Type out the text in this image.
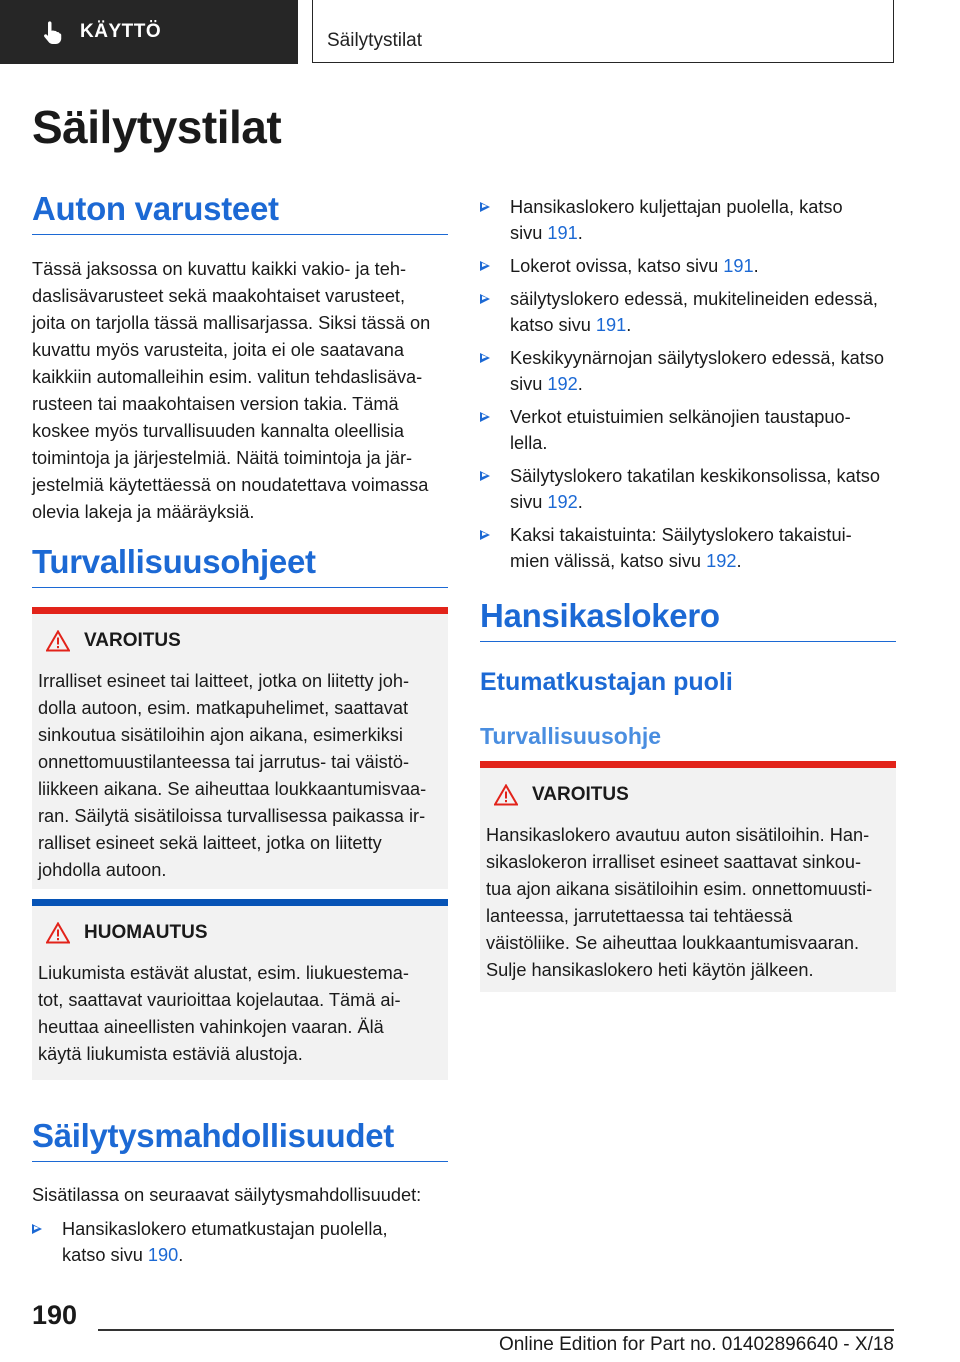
KÄYTTÖ	Säilytystilat
Säilytystilat
Auton varusteet
Tässä jaksossa on kuvattu kaikki vakio- ja teh-
daslisävarusteet sekä maakohtaiset varusteet,
joita on tarjolla tässä mallisarjassa. Siksi tässä on
kuvattu myös varusteita, joita ei ole saatavana
kaikkiin automalleihin esim. valitun tehdaslisäva-
rusteen tai maakohtaisen version takia. Tämä
koskee myös turvallisuuden kannalta oleellisia
toimintoja ja järjestelmiä. Näitä toimintoja ja jär-
jestelmiä käytettäessä on noudatettava voimassa
olevia lakeja ja määräyksiä.
Turvallisuusohjeet
VAROITUS
Irralliset esineet tai laitteet, jotka on liitetty joh-
dolla autoon, esim. matkapuhelimet, saattavat
sinkoutua sisätiloihin ajon aikana, esimerkiksi
onnettomuustilanteessa tai jarrutus- tai väistö-
liikkeen aikana. Se aiheuttaa loukkaantumisvaa-
ran. Säilytä sisätiloissa turvallisessa paikassa ir-
ralliset esineet sekä laitteet, jotka on liitetty
johdolla autoon.
HUOMAUTUS
Liukumista estävät alustat, esim. liukuestema-
tot, saattavat vaurioittaa kojelautaa. Tämä ai-
heuttaa aineellisten vahinkojen vaaran. Älä
käytä liukumista estäviä alustoja.
Säilytysmahdollisuudet
Sisätilassa on seuraavat säilytysmahdollisuudet:
Hansikaslokero etumatkustajan puolella,
katso sivu 190.
Hansikaslokero kuljettajan puolella, katso
sivu 191.
Lokerot ovissa, katso sivu 191.
säilytyslokero edessä, mukitelineiden edessä,
katso sivu 191.
Keskikyynärnojan säilytyslokero edessä, katso
sivu 192.
Verkot etuistuimien selkänojien taustapuo-
lella.
Säilytyslokero takatilan keskikonsolissa, katso
sivu 192.
Kaksi takaistuinta: Säilytyslokero takaistui-
mien välissä, katso sivu 192.
Hansikaslokero
Etumatkustajan puoli
Turvallisuusohje
VAROITUS
Hansikaslokero avautuu auton sisätiloihin. Han-
sikaslokeron irralliset esineet saattavat sinkou-
tua ajon aikana sisätiloihin esim. onnettomuusti-
lanteessa, jarrutettaessa tai tehtäessä
väistöliike. Se aiheuttaa loukkaantumisvaaran.
Sulje hansikaslokero heti käytön jälkeen.
190
Online Edition for Part no. 01402896640 - X/18
